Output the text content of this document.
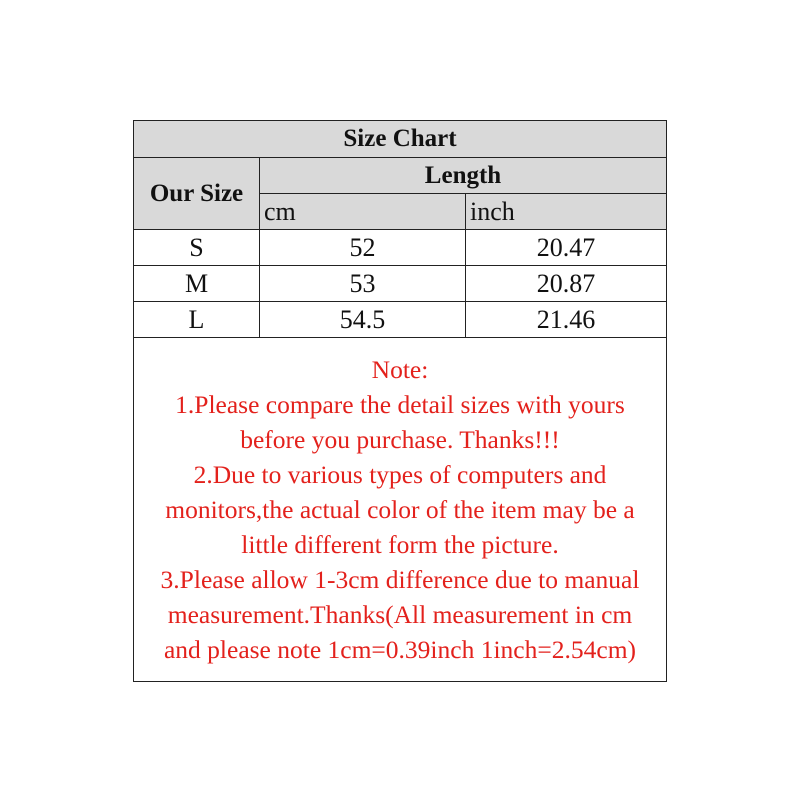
Size Chart
Our Size
Length
cm	inch
S	52	20.47
M	53	20.87
L	54.5	21.46
Note:
1.Please compare the detail sizes with yours
before you purchase. Thanks!!!
2.Due to various types of computers and
monitors,the actual color of the item may be a
little different form the picture.
3.Please allow 1-3cm difference due to manual
measurement.Thanks(All measurement in cm
and please note 1cm=0.39inch 1inch=2.54cm)
